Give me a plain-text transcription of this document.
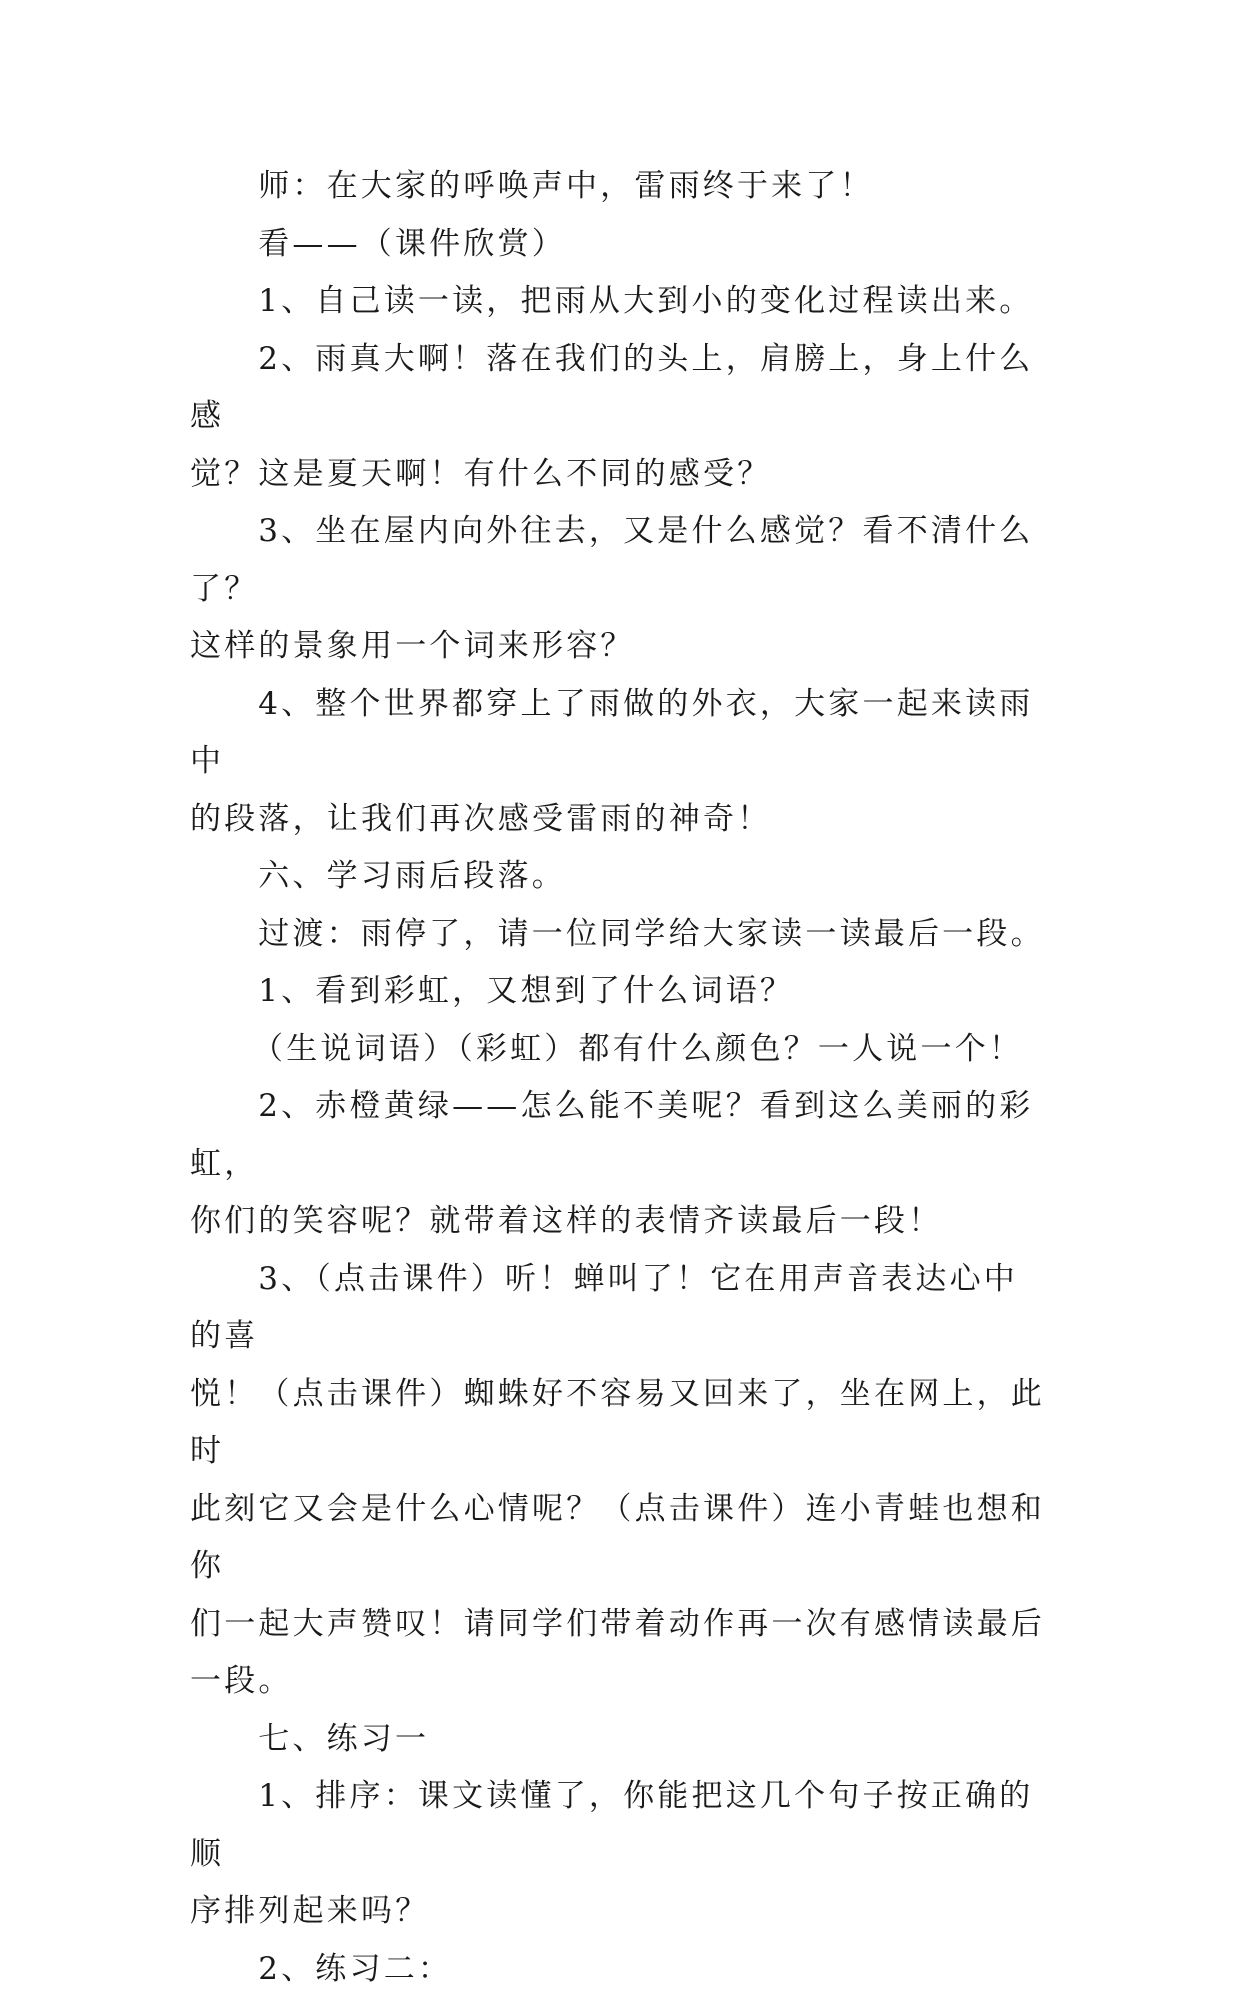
师：在大家的呼唤声中，雷雨终于来了！
看——（课件欣赏）
1、自己读一读，把雨从大到小的变化过程读出来。
2、雨真大啊！落在我们的头上，肩膀上，身上什么感
觉？这是夏天啊！有什么不同的感受？
3、坐在屋内向外往去，又是什么感觉？看不清什么了？
这样的景象用一个词来形容？
4、整个世界都穿上了雨做的外衣，大家一起来读雨中
的段落，让我们再次感受雷雨的神奇！
六、学习雨后段落。
过渡：雨停了，请一位同学给大家读一读最后一段。
1、看到彩虹，又想到了什么词语？
（生说词语）（彩虹）都有什么颜色？一人说一个！
2、赤橙黄绿——怎么能不美呢？看到这么美丽的彩虹，
你们的笑容呢？就带着这样的表情齐读最后一段！
3、（点击课件）听！蝉叫了！它在用声音表达心中的喜
悦！（点击课件）蜘蛛好不容易又回来了，坐在网上，此时
此刻它又会是什么心情呢？（点击课件）连小青蛙也想和你
们一起大声赞叹！请同学们带着动作再一次有感情读最后
一段。
七、练习一
1、排序：课文读懂了，你能把这几个句子按正确的顺
序排列起来吗？
2、练习二：
